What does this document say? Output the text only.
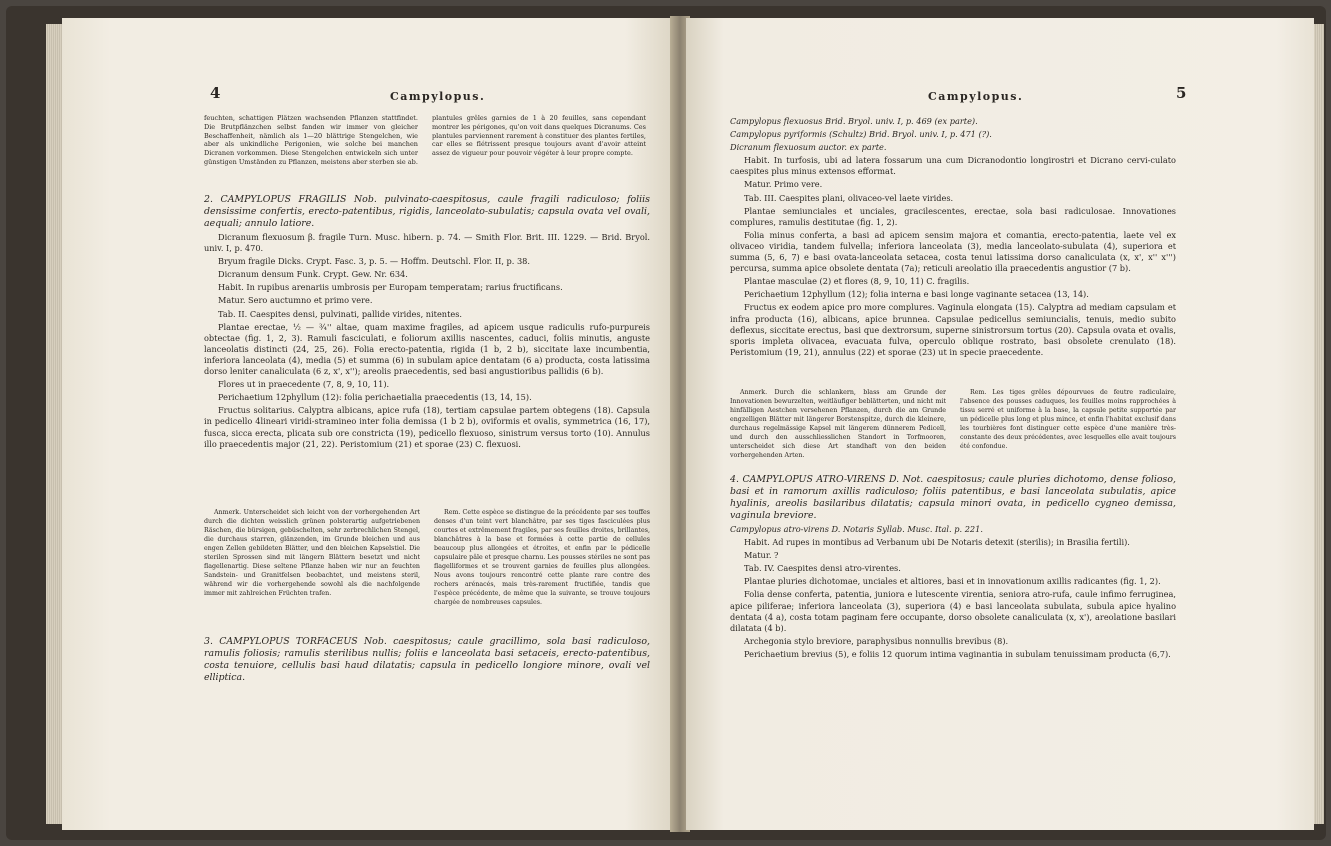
4	Campylopus.
feuchten, schattigen Plätzen wachsenden Pflanzen stattfindet. Die Brutpflänzchen selbst fanden wir immer von gleicher Beschaffenheit, nämlich als 1—20 blättrige Stengelchen, wie aber als unkindliche Perigonien, wie solche bei manchen Dicranen vorkommen. Diese Stengelchen entwickeln sich unter günstigen Umständen zu Pflanzen, meistens aber sterben sie ab.
plantules grêles garnies de 1 à 20 feuilles, sans cependant montrer les périgones, qu'on voit dans quelques Dicranums. Ces plantules parviennent rarement à constituer des plantes fertiles, car elles se flétrissent presque toujours avant d'avoir atteint assez de vigueur pour pouvoir végéter à leur propre compte.

2. CAMPYLOPUS FRAGILIS Nob. pulvinato-caespitosus, caule fragili radiculoso; foliis densissime confertis, erecto-patentibus, rigidis, lanceolato-subulatis; capsula ovata vel ovali, aequali; annulo latiore.

Dicranum flexuosum β. fragile Turn. Musc. hibern. p. 74. — Smith Flor. Brit. III. 1229. — Brid. Bryol. univ. I, p. 470.

Bryum fragile Dicks. Crypt. Fasc. 3, p. 5. — Hoffm. Deutschl. Flor. II, p. 38.

Dicranum densum Funk. Crypt. Gew. Nr. 634.

Habit. In rupibus arenariis umbrosis per Europam temperatam; rarius fructificans.

Matur. Sero auctumno et primo vere.

Tab. II. Caespites densi, pulvinati, pallide virides, nitentes.

Plantae erectae, ½ — ¾'' altae, quam maxime fragiles, ad apicem usque radiculis rufo-purpureis obtectae (fig. 1, 2, 3). Ramuli fasciculati, e foliorum axillis nascentes, caduci, foliis minutis, anguste lanceolatis distincti (24, 25, 26). Folia erecto-patentia, rigida (1 b, 2 b), siccitate laxe incumbentia, inferiora lanceolata (4), media (5) et summa (6) in subulam apice dentatam (6 a) producta, costa latissima dorso leniter canaliculata (6 z, x', x''); areolis praecedentis, sed basi angustioribus pallidis (6 b).

Flores ut in praecedente (7, 8, 9, 10, 11).

Perichaetium 12phyllum (12): folia perichaetialia praecedentis (13, 14, 15).

Fructus solitarius. Calyptra albicans, apice rufa (18), tertiam capsulae partem obtegens (18). Capsula in pedicello 4lineari viridi-stramineo inter folia demissa (1 b 2 b), oviformis et ovalis, symmetrica (16, 17), fusca, sicca erecta, plicata sub ore constricta (19), pedicello flexuoso, sinistrum versus torto (10). Annulus illo praecedentis major (21, 22). Peristomium (21) et sporae (23) C. flexuosi.

Anmerk. Unterscheidet sich leicht von der vorhergehenden Art durch die dichten weisslich grünen polsterartig aufgetriebenen Räschen, die bürsigen, gebüschelten, sehr zerbrechlichen Stengel, die durchaus starren, glänzenden, im Grunde bleichen und aus engen Zellen gebildeten Blätter, und den bleichen Kapselstiel. Die sterilen Sprossen sind mit längern Blättern besetzt und nicht flagellenartig. Diese seltene Pflanze haben wir nur an feuchten Sandstein- und Granitfelsen beobachtet, und meistens steril, während wir die vorhergehende sowohl als die nachfolgende immer mit zahlreichen Früchten trafen.
Rem. Cette espèce se distingue de la précédente par ses touffes denses d'un teint vert blanchâtre, par ses tiges fasciculées plus courtes et extrêmement fragiles, par ses feuilles droites, brillantes, blanchâtres à la base et formées à cette partie de cellules beaucoup plus allongées et étroites, et enfin par le pédicelle capsulaire pâle et presque charnu. Les pousses stériles ne sont pas flagelliformes et se trouvent garnies de feuilles plus allongées. Nous avons toujours rencontré cette plante rare contre des rochers arénacés, mais très-rarement fructifiée, tandis que l'espèce précédente, de même que la suivante, se trouve toujours chargée de nombreuses capsules.

3. CAMPYLOPUS TORFACEUS Nob. caespitosus; caule gracillimo, sola basi radiculoso, ramulis foliosis; ramulis sterilibus nullis; foliis e lanceolata basi setaceis, erecto-patentibus, costa tenuiore, cellulis basi haud dilatatis; capsula in pedicello longiore minore, ovali vel elliptica.

Campylopus.	5

Campylopus flexuosus Brid. Bryol. univ. I, p. 469 (ex parte).

Campylopus pyriformis (Schultz) Brid. Bryol. univ. I, p. 471 (?).

Dicranum flexuosum auctor. ex parte.

Habit. In turfosis, ubi ad latera fossarum una cum Dicranodontio longirostri et Dicrano cervi-culato caespites plus minus extensos efformat.

Matur. Primo vere.

Tab. III. Caespites plani, olivaceo-vel laete virides.

Plantae semiunciales et unciales, gracilescentes, erectae, sola basi radiculosae. Innovationes complures, ramulis destitutae (fig. 1, 2).

Folia minus conferta, a basi ad apicem sensim majora et comantia, erecto-patentia, laete vel ex olivaceo viridia, tandem fulvella; inferiora lanceolata (3), media lanceolato-subulata (4), superiora et summa (5, 6, 7) e basi ovata-lanceolata setacea, costa tenui latissima dorso canaliculata (x, x', x'' x''') percursa, summa apice obsolete dentata (7a); reticuli areolatio illa praecedentis angustior (7 b).

Plantae masculae (2) et flores (8, 9, 10, 11) C. fragilis.

Perichaetium 12phyllum (12); folia interna e basi longe vaginante setacea (13, 14).

Fructus ex eodem apice pro more complures. Vaginula elongata (15). Calyptra ad mediam capsulam et infra producta (16), albicans, apice brunnea. Capsulae pedicellus semiuncialis, tenuis, medio subito deflexus, siccitate erectus, basi que dextrorsum, superne sinistrorsum tortus (20). Capsula ovata et ovalis, sporis impleta olivacea, evacuata fulva, operculo oblique rostrato, basi obsolete crenulato (18). Peristomium (19, 21), annulus (22) et sporae (23) ut in specie praecedente.

Anmerk. Durch die schlankern, blass am Grunde der Innovationen bewurzelten, weitläufiger beblätterten, und nicht mit hinfälligen Aestchen versehenen Pflanzen, durch die am Grunde engzelligen Blätter mit längerer Borstenspitze, durch die kleinere, durchaus regelmässige Kapsel mit längerem dünnerem Pedicell, und durch den ausschliesslichen Standort in Torfmooren, unterscheidet sich diese Art standhaft von den beiden vorhergehenden Arten.
Rem. Les tiges grêles dépourvues de feutre radiculaire, l'absence des pousses caduques, les feuilles moins rapprochées à tissu serré et uniforme à la base, la capsule petite supportée par un pédicelle plus long et plus mince, et enfin l'habitat exclusif dans les tourbières font distinguer cette espèce d'une manière très-constante des deux précédentes, avec lesquelles elle avait toujours été confondue.

4. CAMPYLOPUS ATRO-VIRENS D. Not. caespitosus; caule pluries dichotomo, dense folioso, basi et in ramorum axillis radiculoso; foliis patentibus, e basi lanceolata subulatis, apice hyalinis, areolis basilaribus dilatatis; capsula minori ovata, in pedicello cygneo demissa, vaginula breviore.

Campylopus atro-virens D. Notaris Syllab. Musc. Ital. p. 221.

Habit. Ad rupes in montibus ad Verbanum ubi De Notaris detexit (sterilis); in Brasilia fertili).

Matur. ?

Tab. IV. Caespites densi atro-virentes.

Plantae pluries dichotomae, unciales et altiores, basi et in innovationum axillis radicantes (fig. 1, 2).

Folia dense conferta, patentia, juniora e lutescente virentia, seniora atro-rufa, caule infimo ferruginea, apice piliferae; inferiora lanceolata (3), superiora (4) e basi lanceolata subulata, subula apice hyalino dentata (4 a), costa totam paginam fere occupante, dorso obsolete canaliculata (x, x'), areolatione basilari dilatata (4 b).

Archegonia stylo breviore, paraphysibus nonnullis brevibus (8).

Perichaetium brevius (5), e foliis 12 quorum intima vaginantia in subulam tenuissimam producta (6,7).
